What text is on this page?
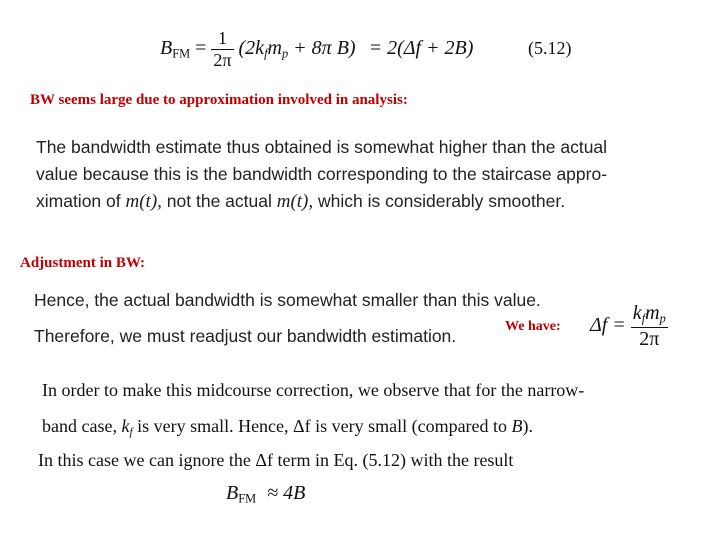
$B_{FM} = \frac{1}{2\pi} (2k_fm_p + 8\pi$ B) = 2(Δf + 2B)	(5.12)
BW seems large due to approximation involved in analysis:
The bandwidth estimate thus obtained is somewhat higher than the actual
value because this is the bandwidth corresponding to the staircase appro-
ximation of m(t), not the actual m(t), which is considerably smoother.
Adjustment in BW:
Hence, the actual bandwidth is somewhat smaller than this value.
Therefore, we must readjust our bandwidth estimation.	We have: $\Delta f = \frac{k_fm_p}{2\pi}$
In order to make this midcourse correction, we observe that for the narrow-
band case, $k_f$ is very small. Hence, Δf is very small (compared to B).
In this case we can ignore the Δf term in Eq. (5.12) with the result
$B_{FM} \approx 4B$
